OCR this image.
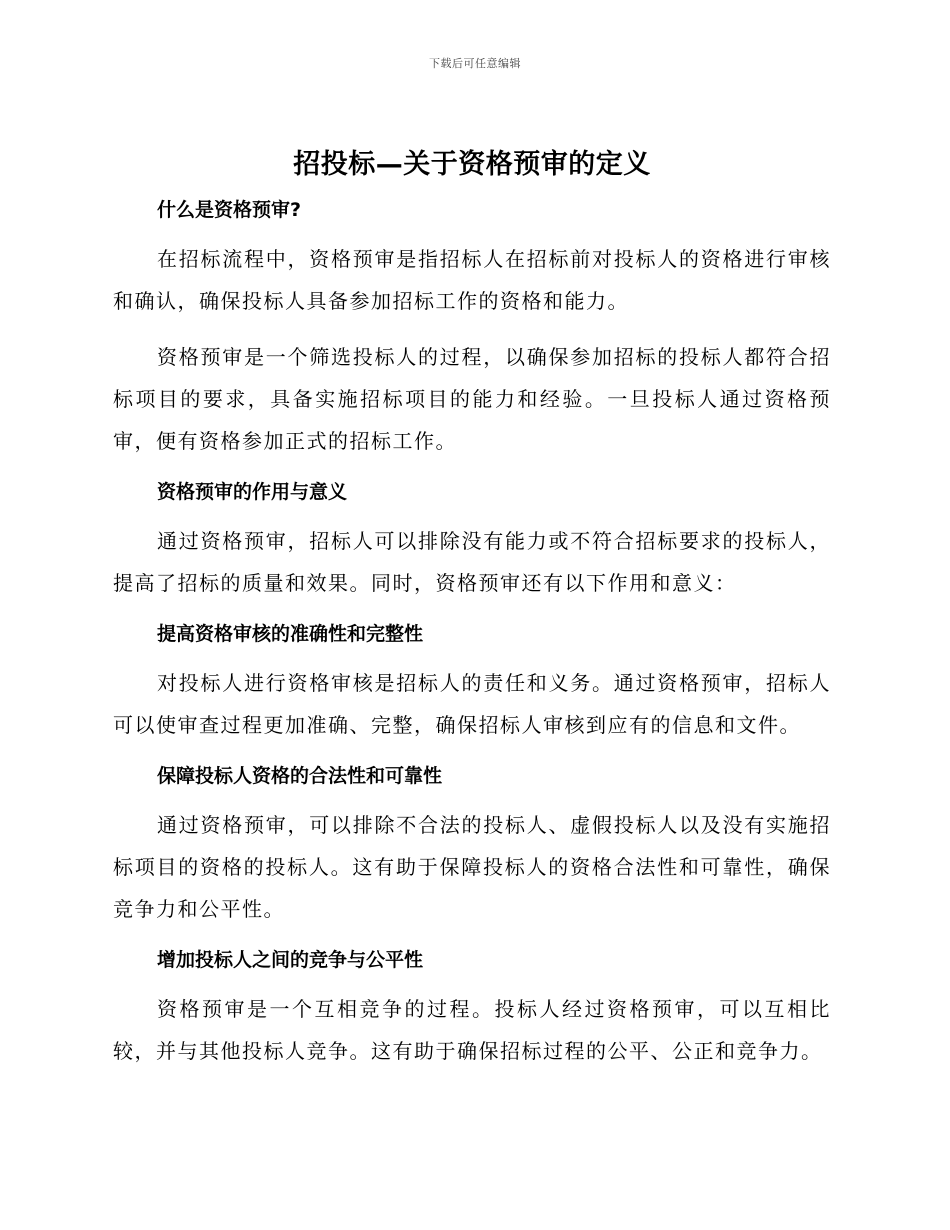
下载后可任意编辑
招投标—关于资格预审的定义
什么是资格预审?

在招标流程中，资格预审是指招标人在招标前对投标人的资格进行审核和确认，确保投标人具备参加招标工作的资格和能力。

资格预审是一个筛选投标人的过程，以确保参加招标的投标人都符合招标项目的要求，具备实施招标项目的能力和经验。一旦投标人通过资格预审，便有资格参加正式的招标工作。

资格预审的作用与意义

通过资格预审，招标人可以排除没有能力或不符合招标要求的投标人，提高了招标的质量和效果。同时，资格预审还有以下作用和意义：

提高资格审核的准确性和完整性

对投标人进行资格审核是招标人的责任和义务。通过资格预审，招标人可以使审查过程更加准确、完整，确保招标人审核到应有的信息和文件。

保障投标人资格的合法性和可靠性

通过资格预审，可以排除不合法的投标人、虚假投标人以及没有实施招标项目的资格的投标人。这有助于保障投标人的资格合法性和可靠性，确保竞争力和公平性。

增加投标人之间的竞争与公平性

资格预审是一个互相竞争的过程。投标人经过资格预审，可以互相比较，并与其他投标人竞争。这有助于确保招标过程的公平、公正和竞争力。
